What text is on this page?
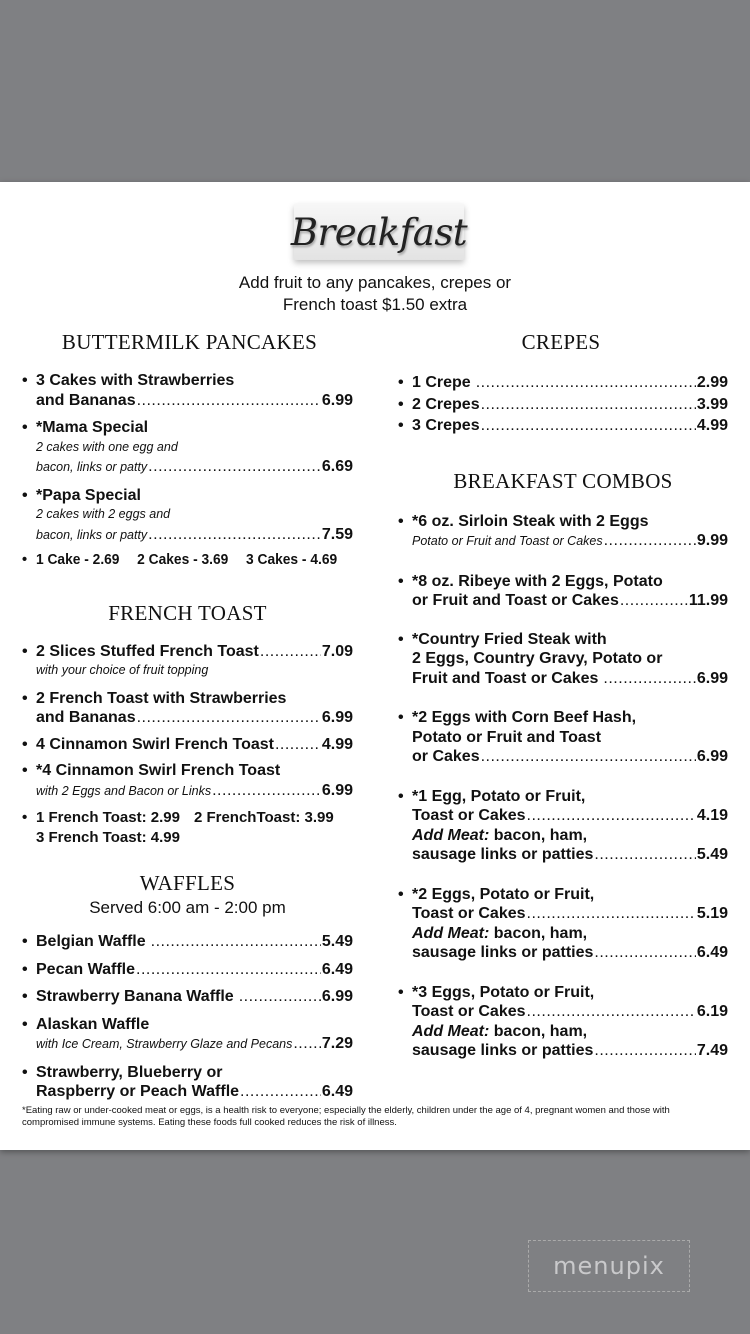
Breakfast
Add fruit to any pancakes, crepes or
French toast $1.50 extra
BUTTERMILK PANCAKES
• 3 Cakes with Strawberries
and Bananas .....	6.99
• *Mama Special
2 cakes with one egg and
bacon, links or patty .....	6.69
• *Papa Special
2 cakes with 2 eggs and
bacon, links or patty .....	7.59
• 1 Cake - 2.69 2 Cakes - 3.69 3 Cakes - 4.69
FRENCH TOAST
• 2 Slices Stuffed French Toast .....	7.09
with your choice of fruit topping
• 2 French Toast with Strawberries
and Bananas .....	6.99
• 4 Cinnamon Swirl French Toast .....	4.99
• *4 Cinnamon Swirl French Toast
with 2 Eggs and Bacon or Links .....	6.99
• 1 French Toast: 2.99 2 FrenchToast: 3.99
3 French Toast: 4.99
WAFFLES
Served 6:00 am - 2:00 pm
• Belgian Waffle .....	5.49
• Pecan Waffle .....	6.49
• Strawberry Banana Waffle .....	6.99
• Alaskan Waffle
with Ice Cream, Strawberry Glaze and Pecans ..... 7.29
• Strawberry, Blueberry or
Raspberry or Peach Waffle .....	6.49
CREPES
• 1 Crepe .....	2.99
• 2 Crepes .....	3.99
• 3 Crepes .....	4.99
BREAKFAST COMBOS
• *6 oz. Sirloin Steak with 2 Eggs
Potato or Fruit and Toast or Cakes .....	9.99
• *8 oz. Ribeye with 2 Eggs, Potato
or Fruit and Toast or Cakes .....	11.99
• *Country Fried Steak with
2 Eggs, Country Gravy, Potato or
Fruit and Toast or Cakes .....	6.99
• *2 Eggs with Corn Beef Hash,
Potato or Fruit and Toast
or Cakes .....	6.99
• *1 Egg, Potato or Fruit,
Toast or Cakes .....	4.19
Add Meat: bacon, ham,
sausage links or patties .....	5.49
• *2 Eggs, Potato or Fruit,
Toast or Cakes .....	5.19
Add Meat: bacon, ham,
sausage links or patties .....	6.49
• *3 Eggs, Potato or Fruit,
Toast or Cakes .....	6.19
Add Meat: bacon, ham,
sausage links or patties .....	7.49
*Eating raw or under-cooked meat or eggs, is a health risk to everyone; especially the elderly, children under the age of 4, pregnant women and those with compromised immune systems. Eating these foods full cooked reduces the risk of illness.
menupix
